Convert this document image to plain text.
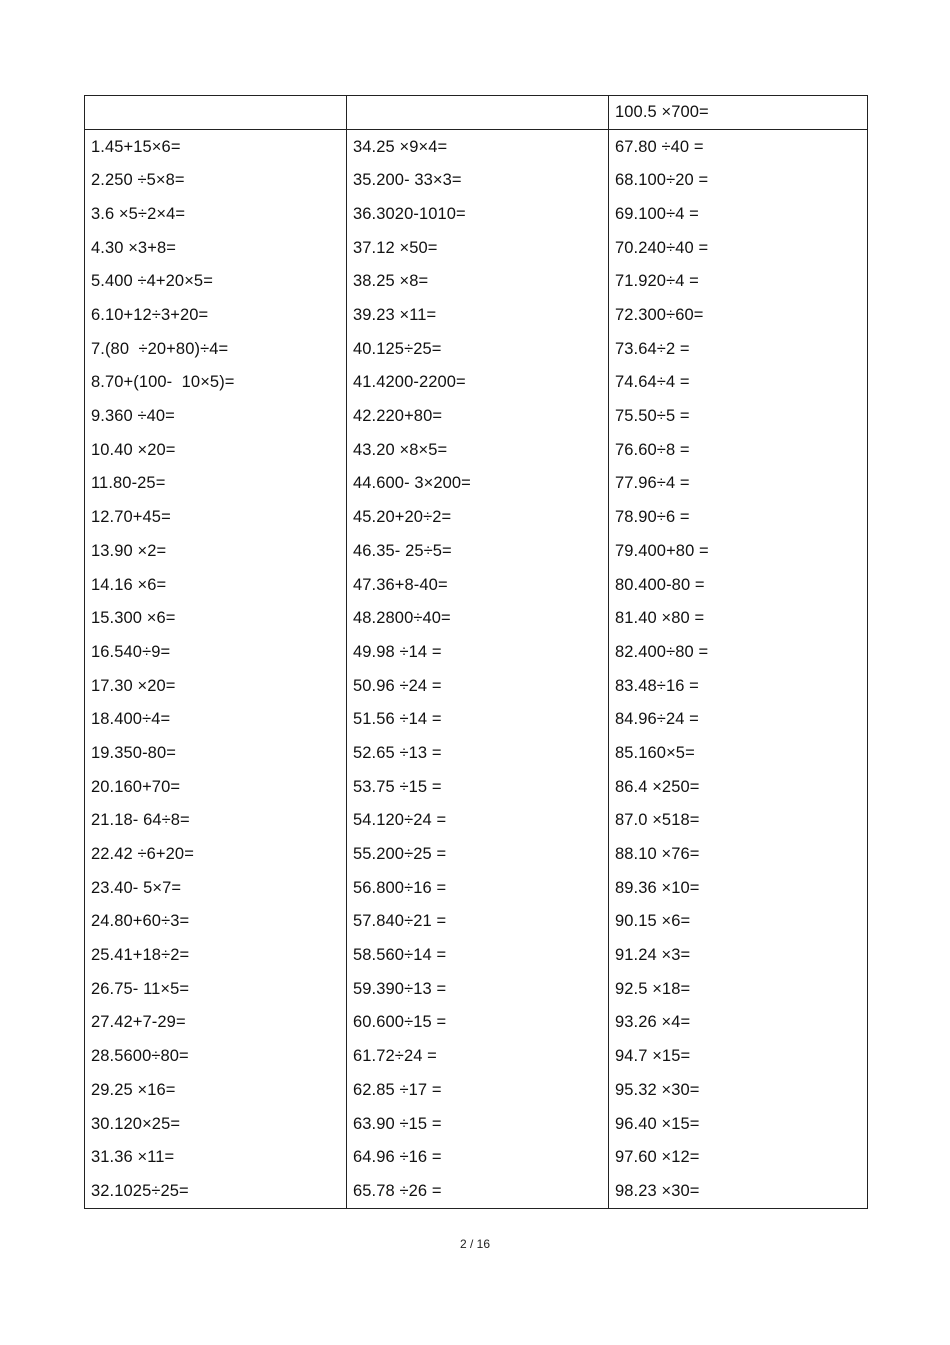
		100.5 ×700=
1.45+15×6=	34.25 ×9×4=	67.80 ÷40 =
2.250 ÷5×8=	35.200- 33×3=	68.100÷20 =
3.6 ×5÷2×4=	36.3020-1010=	69.100÷4 =
4.30 ×3+8=	37.12 ×50=	70.240÷40 =
5.400 ÷4+20×5=	38.25 ×8=	71.920÷4 =
6.10+12÷3+20=	39.23 ×11=	72.300÷60=
7.(80  ÷20+80)÷4=	40.125÷25=	73.64÷2 =
8.70+(100-  10×5)=	41.4200-2200=	74.64÷4 =
9.360 ÷40=	42.220+80=	75.50÷5 =
10.40 ×20=	43.20 ×8×5=	76.60÷8 =
11.80-25=	44.600- 3×200=	77.96÷4 =
12.70+45=	45.20+20÷2=	78.90÷6 =
13.90 ×2=	46.35- 25÷5=	79.400+80 =
14.16 ×6=	47.36+8-40=	80.400-80 =
15.300 ×6=	48.2800÷40=	81.40 ×80 =
16.540÷9=	49.98 ÷14 =	82.400÷80 =
17.30 ×20=	50.96 ÷24 =	83.48÷16 =
18.400÷4=	51.56 ÷14 =	84.96÷24 =
19.350-80=	52.65 ÷13 =	85.160×5=
20.160+70=	53.75 ÷15 =	86.4 ×250=
21.18- 64÷8=	54.120÷24 =	87.0 ×518=
22.42 ÷6+20=	55.200÷25 =	88.10 ×76=
23.40- 5×7=	56.800÷16 =	89.36 ×10=
24.80+60÷3=	57.840÷21 =	90.15 ×6=
25.41+18÷2=	58.560÷14 =	91.24 ×3=
26.75- 11×5=	59.390÷13 =	92.5 ×18=
27.42+7-29=	60.600÷15 =	93.26 ×4=
28.5600÷80=	61.72÷24 =	94.7 ×15=
29.25 ×16=	62.85 ÷17 =	95.32 ×30=
30.120×25=	63.90 ÷15 =	96.40 ×15=
31.36 ×11=	64.96 ÷16 =	97.60 ×12=
32.1025÷25=	65.78 ÷26 =	98.23 ×30=
2 / 16
